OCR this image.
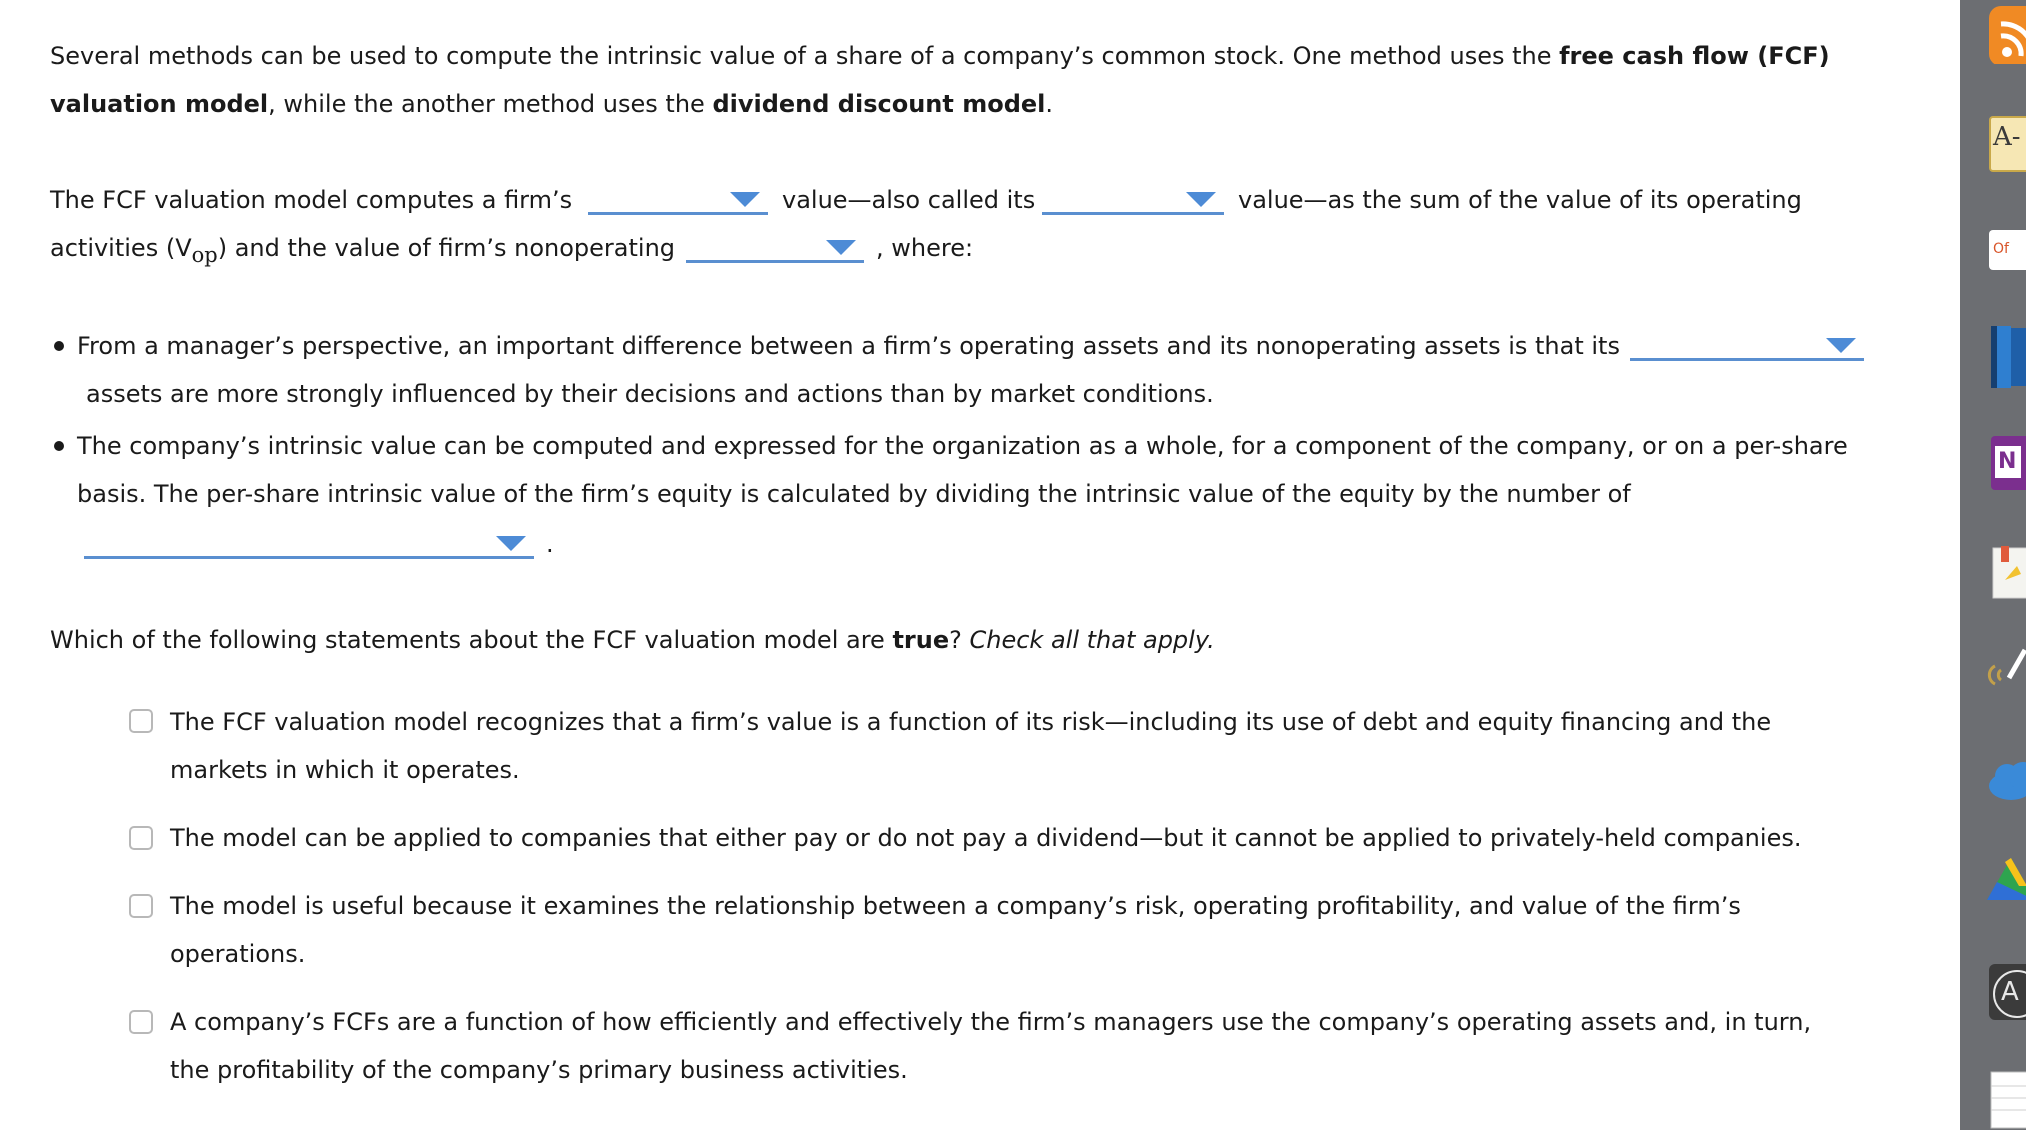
Several methods can be used to compute the intrinsic value of a share of a company’s common stock. One method uses the free cash flow (FCF)
valuation model, while the another method uses the dividend discount model.
The FCF valuation model computes a firm’s	value—also called its	value—as the sum of the value of its operating
activities (Vop) and the value of firm’s nonoperating	, where:
From a manager’s perspective, an important difference between a firm’s operating assets and its nonoperating assets is that its
assets are more strongly influenced by their decisions and actions than by market conditions.
The company’s intrinsic value can be computed and expressed for the organization as a whole, for a component of the company, or on a per-share
basis. The per-share intrinsic value of the firm’s equity is calculated by dividing the intrinsic value of the equity by the number of
.
Which of the following statements about the FCF valuation model are true? Check all that apply.
The FCF valuation model recognizes that a firm’s value is a function of its risk—including its use of debt and equity financing and the
markets in which it operates.
The model can be applied to companies that either pay or do not pay a dividend—but it cannot be applied to privately-held companies.
The model is useful because it examines the relationship between a company’s risk, operating profitability, and value of the firm’s
operations.
A company’s FCFs are a function of how efficiently and effectively the firm’s managers use the company’s operating assets and, in turn,
the profitability of the company’s primary business activities.
A-
Of
N
A
